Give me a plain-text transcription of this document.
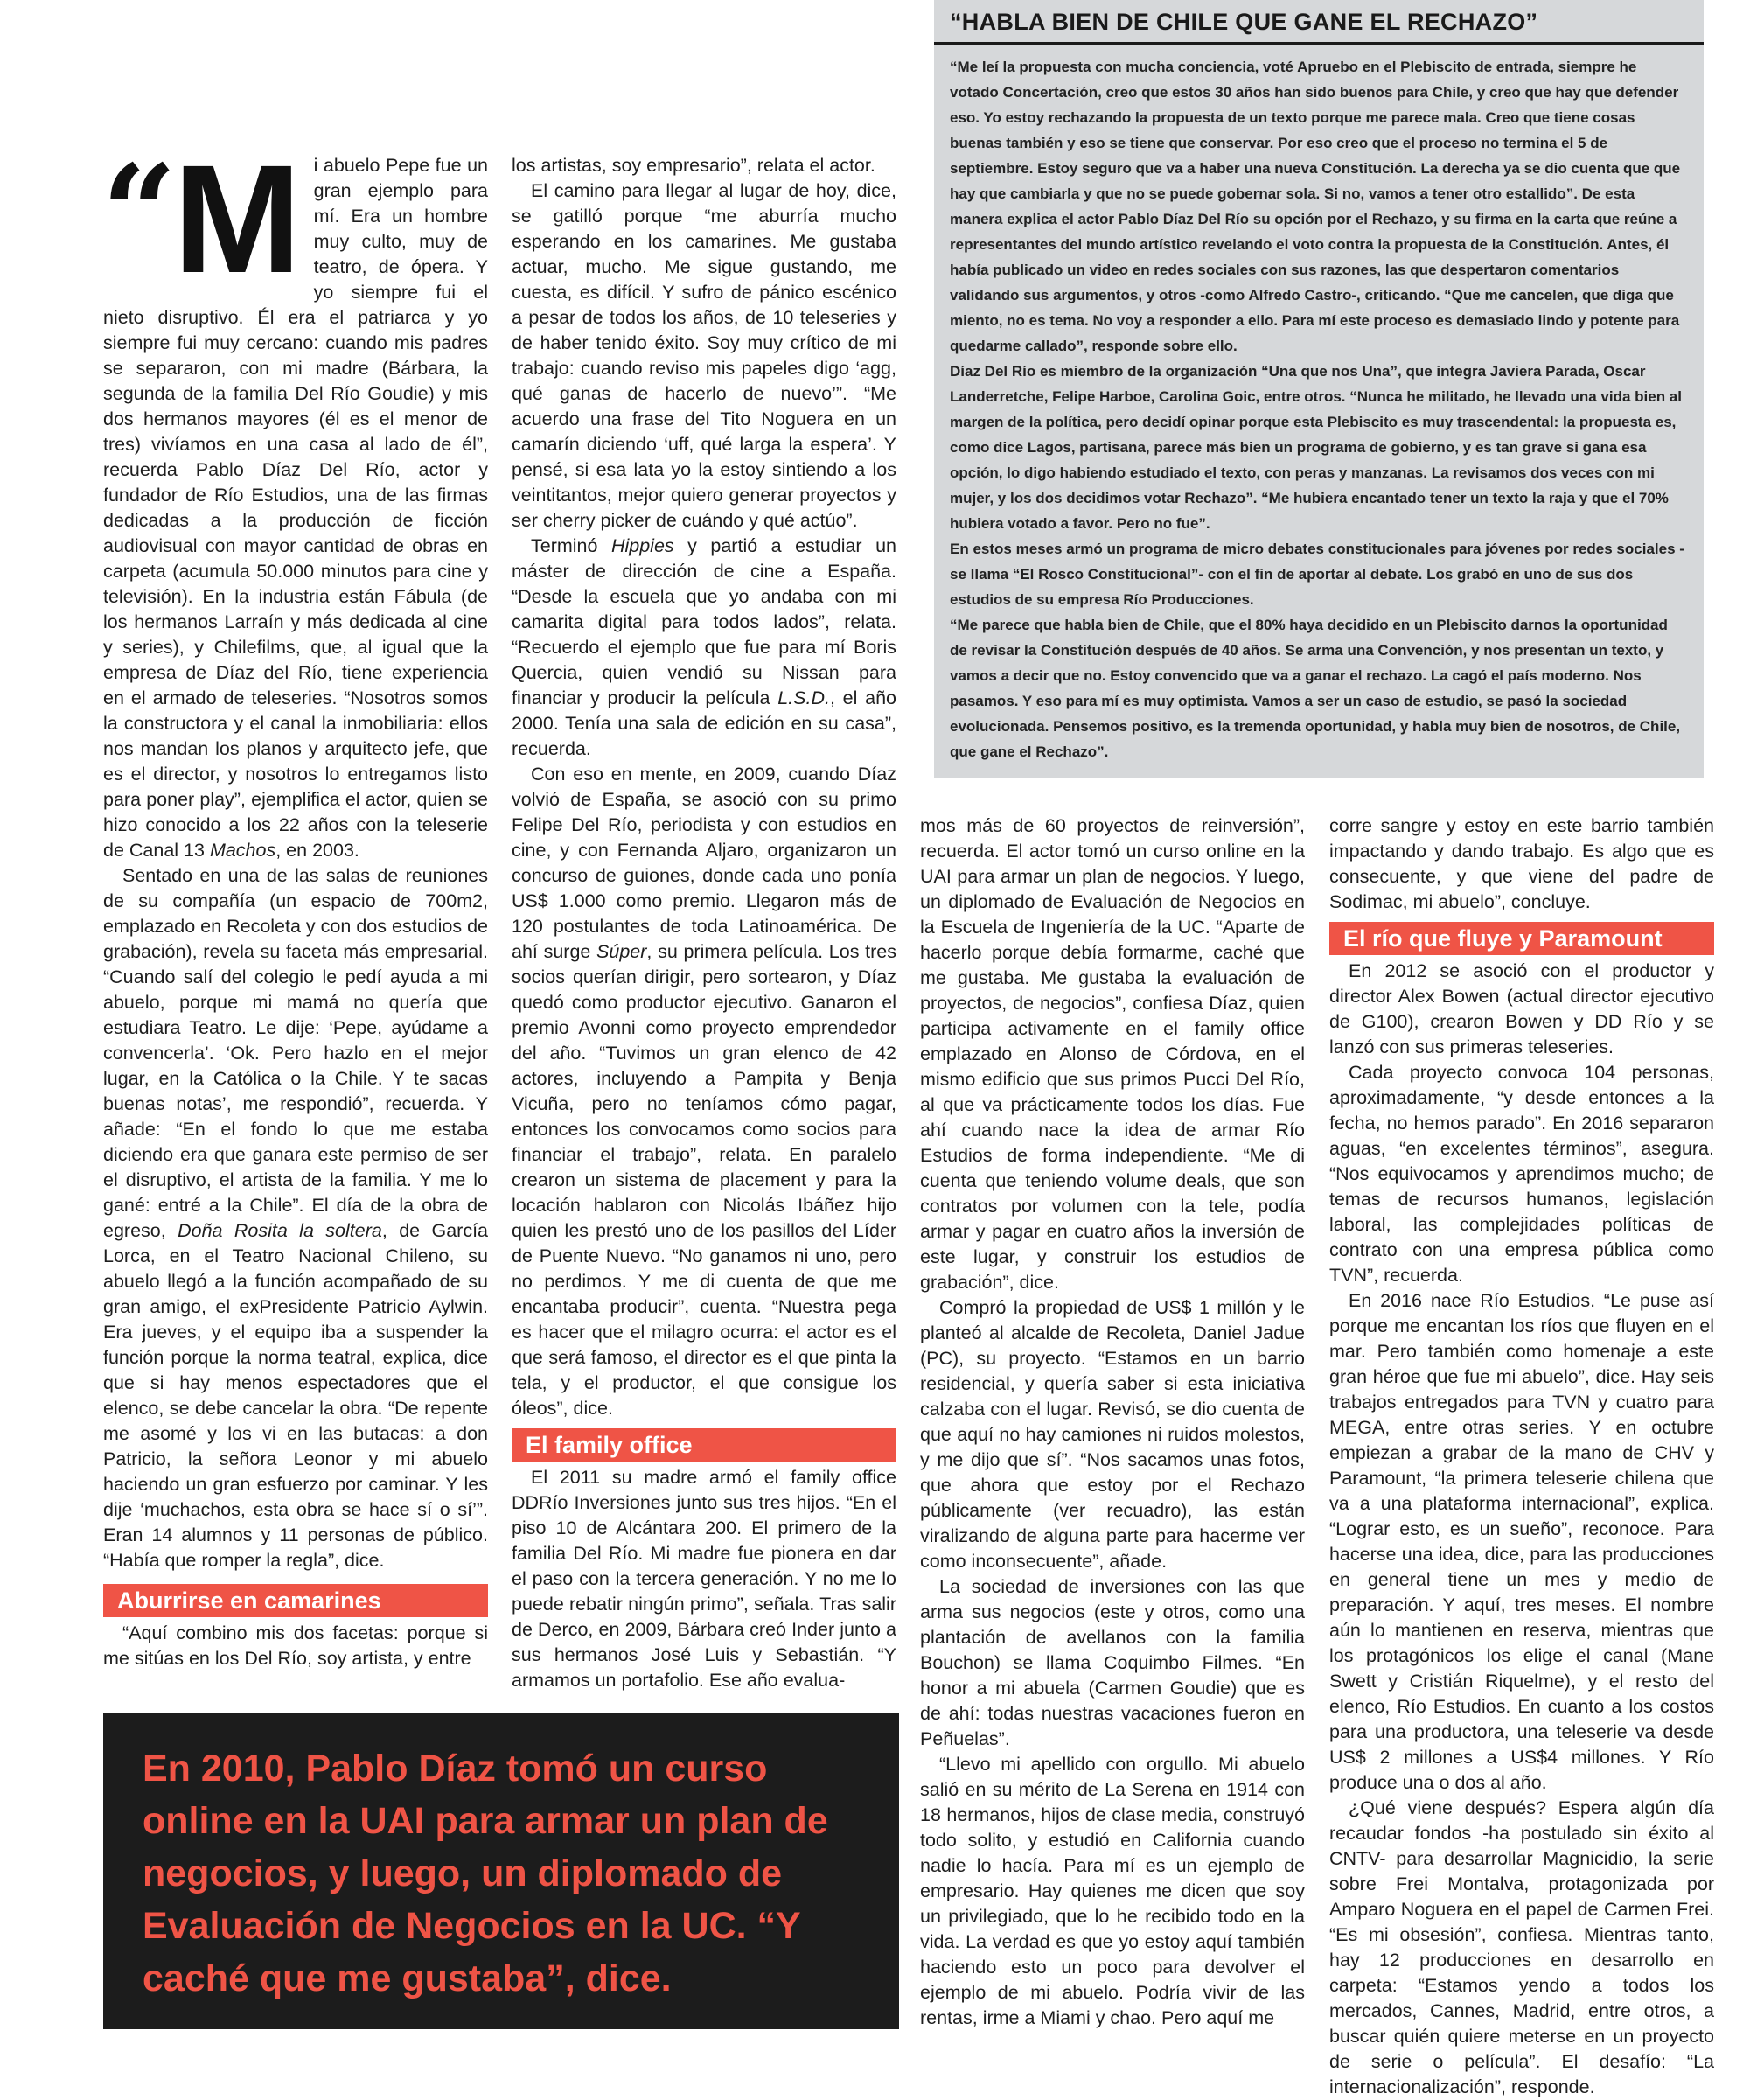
“HABLA BIEN DE CHILE QUE GANE EL RECHAZO”

“Me leí la propuesta con mucha conciencia, voté Apruebo en el Plebiscito de entrada, siempre he votado Concertación, creo que estos 30 años han sido buenos para Chile, y creo que hay que defender eso. Yo estoy rechazando la propuesta de un texto porque me parece mala. Creo que tiene cosas buenas también y eso se tiene que conservar. Por eso creo que el proceso no termina el 5 de septiembre. Estoy seguro que va a haber una nueva Constitución. La derecha ya se dio cuenta que que hay que cambiarla y que no se puede gobernar sola. Si no, vamos a tener otro estallido”. De esta manera explica el actor Pablo Díaz Del Río su opción por el Rechazo, y su firma en la carta que reúne a representantes del mundo artístico revelando el voto contra la propuesta de la Constitución. Antes, él había publicado un video en redes sociales con sus razones, las que despertaron comentarios validando sus argumentos, y otros -como Alfredo Castro-, criticando. “Que me cancelen, que diga que miento, no es tema. No voy a responder a ello. Para mí este proceso es demasiado lindo y potente para quedarme callado”, responde sobre ello.

Díaz Del Río es miembro de la organización “Una que nos Una”, que integra Javiera Parada, Oscar Landerretche, Felipe Harboe, Carolina Goic, entre otros. “Nunca he militado, he llevado una vida bien al margen de la política, pero decidí opinar porque esta Plebiscito es muy trascendental: la propuesta es, como dice Lagos, partisana, parece más bien un programa de gobierno, y es tan grave si gana esa opción, lo digo habiendo estudiado el texto, con peras y manzanas. La revisamos dos veces con mi mujer, y los dos decidimos votar Rechazo”. “Me hubiera encantado tener un texto la raja y que el 70% hubiera votado a favor. Pero no fue”.

En estos meses armó un programa de micro debates constitucionales para jóvenes por redes sociales -se llama “El Rosco Constitucional”- con el fin de aportar al debate. Los grabó en uno de sus dos estudios de su empresa Río Producciones.

“Me parece que habla bien de Chile, que el 80% haya decidido en un Plebiscito darnos la oportunidad de revisar la Constitución después de 40 años. Se arma una Convención, y nos presentan un texto, y vamos a decir que no. Estoy convencido que va a ganar el rechazo. La cagó el país moderno. Nos pasamos. Y eso para mí es muy optimista. Vamos a ser un caso de estudio, se pasó la sociedad evolucionada. Pensemos positivo, es la tremenda oportunidad, y habla muy bien de nosotros, de Chile, que gane el Rechazo”.

“
M i abuelo Pepe fue un gran ejemplo para mí. Era un hombre muy culto, muy de teatro, de ópera. Y yo siempre fui el nieto disruptivo. Él era el patriarca y yo siempre fui muy cercano: cuando mis padres se separaron, con mi madre (Bárbara, la segunda de la familia Del Río Goudie) y mis dos hermanos mayores (él es el menor de tres) vivíamos en una casa al lado de él”, recuerda Pablo Díaz Del Río, actor y fundador de Río Estudios, una de las firmas dedicadas a la producción de ficción audiovisual con mayor cantidad de obras en carpeta (acumula 50.000 minutos para cine y televisión). En la industria están Fábula (de los hermanos Larraín y más dedicada al cine y series), y Chilefilms, que, al igual que la empresa de Díaz del Río, tiene experiencia en el armado de teleseries. “Nosotros somos la constructora y el canal la inmobiliaria: ellos nos mandan los planos y arquitecto jefe, que es el director, y nosotros lo entregamos listo para poner play”, ejemplifica el actor, quien se hizo conocido a los 22 años con la teleserie de Canal 13 Machos, en 2003.

Sentado en una de las salas de reuniones de su compañía (un espacio de 700m2, emplazado en Recoleta y con dos estudios de grabación), revela su faceta más empresarial. “Cuando salí del colegio le pedí ayuda a mi abuelo, porque mi mamá no quería que estudiara Teatro. Le dije: ‘Pepe, ayúdame a convencerla’. ‘Ok. Pero hazlo en el mejor lugar, en la Católica o la Chile. Y te sacas buenas notas’, me respondió”, recuerda. Y añade: “En el fondo lo que me estaba diciendo era que ganara este permiso de ser el disruptivo, el artista de la familia. Y me lo gané: entré a la Chile”. El día de la obra de egreso, Doña Rosita la soltera, de García Lorca, en el Teatro Nacional Chileno, su abuelo llegó a la función acompañado de su gran amigo, el exPresidente Patricio Aylwin. Era jueves, y el equipo iba a suspender la función porque la norma teatral, explica, dice que si hay menos espectadores que el elenco, se debe cancelar la obra. “De repente me asomé y los vi en las butacas: a don Patricio, la señora Leonor y mi abuelo haciendo un gran esfuerzo por caminar. Y les dije ‘muchachos, esta obra se hace sí o sí’”. Eran 14 alumnos y 11 personas de público. “Había que romper la regla”, dice.

Aburrirse en camarines

“Aquí combino mis dos facetas: porque si me sitúas en los Del Río, soy artista, y entre

los artistas, soy empresario”, relata el actor.

El camino para llegar al lugar de hoy, dice, se gatilló porque “me aburría mucho esperando en los camarines. Me gustaba actuar, mucho. Me sigue gustando, me cuesta, es difícil. Y sufro de pánico escénico a pesar de todos los años, de 10 teleseries y de haber tenido éxito. Soy muy crítico de mi trabajo: cuando reviso mis papeles digo ‘agg, qué ganas de hacerlo de nuevo’”. “Me acuerdo una frase del Tito Noguera en un camarín diciendo ‘uff, qué larga la espera’. Y pensé, si esa lata yo la estoy sintiendo a los veintitantos, mejor quiero generar proyectos y ser cherry picker de cuándo y qué actúo”.

Terminó Hippies y partió a estudiar un máster de dirección de cine a España. “Desde la escuela que yo andaba con mi camarita digital para todos lados”, relata. “Recuerdo el ejemplo que fue para mí Boris Quercia, quien vendió su Nissan para financiar y producir la película L.S.D., el año 2000. Tenía una sala de edición en su casa”, recuerda.

Con eso en mente, en 2009, cuando Díaz volvió de España, se asoció con su primo Felipe Del Río, periodista y con estudios en cine, y con Fernanda Aljaro, organizaron un concurso de guiones, donde cada uno ponía US$ 1.000 como premio. Llegaron más de 120 postulantes de toda Latinoamérica. De ahí surge Súper, su primera película. Los tres socios querían dirigir, pero sortearon, y Díaz quedó como productor ejecutivo. Ganaron el premio Avonni como proyecto emprendedor del año. “Tuvimos un gran elenco de 42 actores, incluyendo a Pampita y Benja Vicuña, pero no teníamos cómo pagar, entonces los convocamos como socios para financiar el trabajo”, relata. En paralelo crearon un sistema de placement y para la locación hablaron con Nicolás Ibáñez hijo quien les prestó uno de los pasillos del Líder de Puente Nuevo. “No ganamos ni uno, pero no perdimos. Y me di cuenta de que me encantaba producir”, cuenta. “Nuestra pega es hacer que el milagro ocurra: el actor es el que será famoso, el director es el que pinta la tela, y el productor, el que consigue los óleos”, dice.

El family office

El 2011 su madre armó el family office DDRío Inversiones junto sus tres hijos. “En el piso 10 de Alcántara 200. El primero de la familia Del Río. Mi madre fue pionera en dar el paso con la tercera generación. Y no me lo puede rebatir ningún primo”, señala. Tras salir de Derco, en 2009, Bárbara creó Inder junto a sus hermanos José Luis y Sebastián. “Y armamos un portafolio. Ese año evalua-

mos más de 60 proyectos de reinversión”, recuerda. El actor tomó un curso online en la UAI para armar un plan de negocios. Y luego, un diplomado de Evaluación de Negocios en la Escuela de Ingeniería de la UC. “Aparte de hacerlo porque debía formarme, caché que me gustaba. Me gustaba la evaluación de proyectos, de negocios”, confiesa Díaz, quien participa activamente en el family office emplazado en Alonso de Córdova, en el mismo edificio que sus primos Pucci Del Río, al que va prácticamente todos los días. Fue ahí cuando nace la idea de armar Río Estudios de forma independiente. “Me di cuenta que teniendo volume deals, que son contratos por volumen con la tele, podía armar y pagar en cuatro años la inversión de este lugar, y construir los estudios de grabación”, dice.

Compró la propiedad de US$ 1 millón y le planteó al alcalde de Recoleta, Daniel Jadue (PC), su proyecto. “Estamos en un barrio residencial, y quería saber si esta iniciativa calzaba con el lugar. Revisó, se dio cuenta de que aquí no hay camiones ni ruidos molestos, y me dijo que sí”. “Nos sacamos unas fotos, que ahora que estoy por el Rechazo públicamente (ver recuadro), las están viralizando de alguna parte para hacerme ver como inconsecuente”, añade.

La sociedad de inversiones con las que arma sus negocios (este y otros, como una plantación de avellanos con la familia Bouchon) se llama Coquimbo Filmes. “En honor a mi abuela (Carmen Goudie) que es de ahí: todas nuestras vacaciones fueron en Peñuelas”.

“Llevo mi apellido con orgullo. Mi abuelo salió en su mérito de La Serena en 1914 con 18 hermanos, hijos de clase media, construyó todo solito, y estudió en California cuando nadie lo hacía. Para mí es un ejemplo de empresario. Hay quienes me dicen que soy un privilegiado, que lo he recibido todo en la vida. La verdad es que yo estoy aquí también haciendo esto un poco para devolver el ejemplo de mi abuelo. Podría vivir de las rentas, irme a Miami y chao. Pero aquí me

corre sangre y estoy en este barrio también impactando y dando trabajo. Es algo que es consecuente, y que viene del padre de Sodimac, mi abuelo”, concluye.

El río que fluye y Paramount

En 2012 se asoció con el productor y director Alex Bowen (actual director ejecutivo de G100), crearon Bowen y DD Río y se lanzó con sus primeras teleseries.

Cada proyecto convoca 104 personas, aproximadamente, “y desde entonces a la fecha, no hemos parado”. En 2016 separaron aguas, “en excelentes términos”, asegura. “Nos equivocamos y aprendimos mucho; de temas de recursos humanos, legislación laboral, las complejidades políticas de contrato con una empresa pública como TVN”, recuerda.

En 2016 nace Río Estudios. “Le puse así porque me encantan los ríos que fluyen en el mar. Pero también como homenaje a este gran héroe que fue mi abuelo”, dice. Hay seis trabajos entregados para TVN y cuatro para MEGA, entre otras series. Y en octubre empiezan a grabar de la mano de CHV y Paramount, “la primera teleserie chilena que va a una plataforma internacional”, explica. “Lograr esto, es un sueño”, reconoce. Para hacerse una idea, dice, para las producciones en general tiene un mes y medio de preparación. Y aquí, tres meses. El nombre aún lo mantienen en reserva, mientras que los protagónicos los elige el canal (Mane Swett y Cristián Riquelme), y el resto del elenco, Río Estudios. En cuanto a los costos para una productora, una teleserie va desde US$ 2 millones a US$4 millones. Y Río produce una o dos al año.

¿Qué viene después? Espera algún día recaudar fondos -ha postulado sin éxito al CNTV- para desarrollar Magnicidio, la serie sobre Frei Montalva, protagonizada por Amparo Noguera en el papel de Carmen Frei. “Es mi obsesión”, confiesa. Mientras tanto, hay 12 producciones en desarrollo en carpeta: “Estamos yendo a todos los mercados, Cannes, Madrid, entre otros, a buscar quién quiere meterse en un proyecto de serie o película”. El desafío: “La internacionalización”, responde.

En 2010, Pablo Díaz tomó un curso online en la UAI para armar un plan de negocios, y luego, un diplomado de Evaluación de Negocios en la UC. “Y caché que me gustaba”, dice.
